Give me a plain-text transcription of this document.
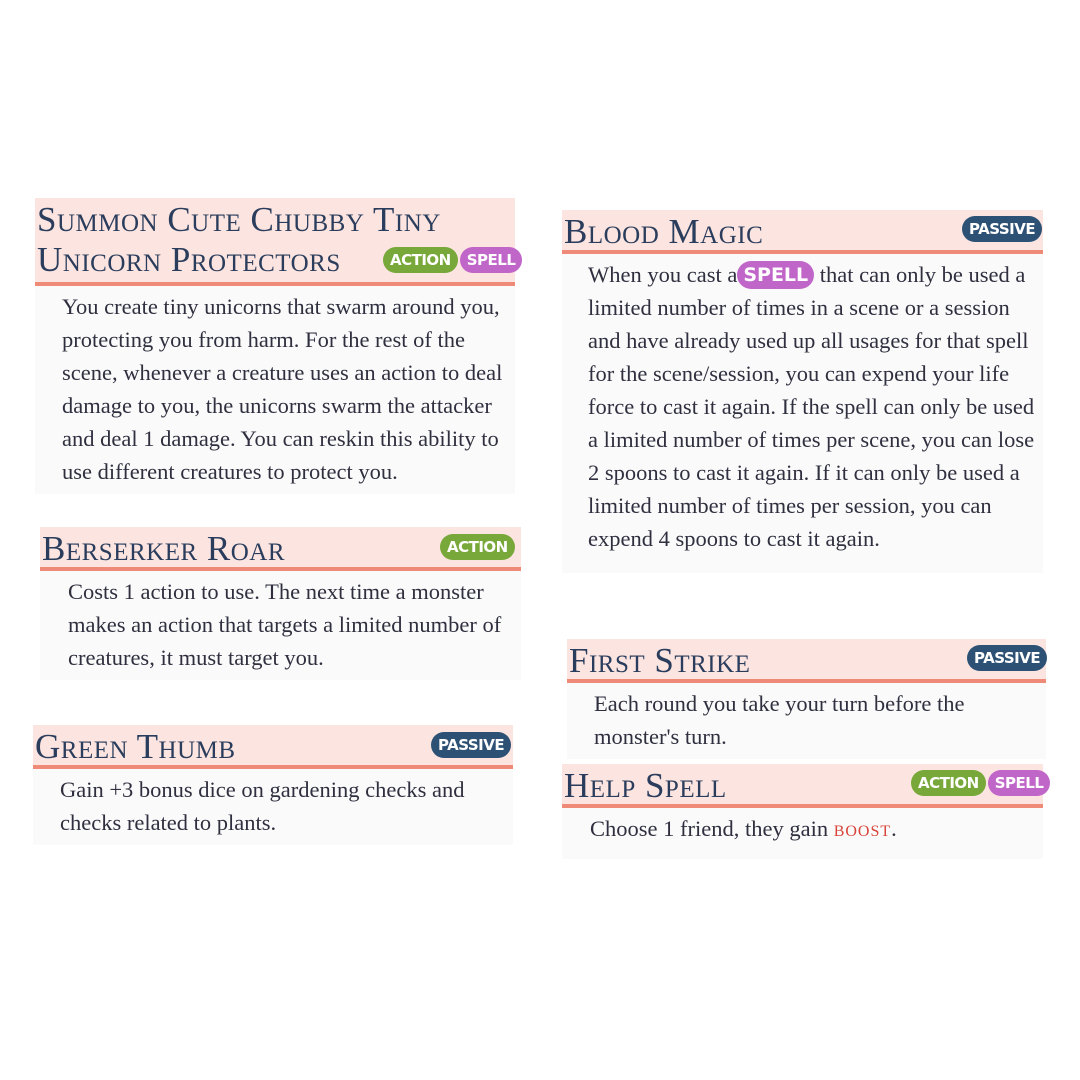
Summon Cute Chubby Tiny
Unicorn Protectors	ACTION	SPELL
You create tiny unicorns that swarm around you, protecting you from harm. For the rest of the scene, whenever a creature uses an action to deal damage to you, the unicorns swarm the attacker and deal 1 damage. You can reskin this ability to use different creatures to protect you.
Berserker Roar	ACTION
Costs 1 action to use. The next time a monster makes an action that targets a limited number of creatures, it must target you.
Green Thumb	PASSIVE
Gain +3 bonus dice on gardening checks and checks related to plants.
Blood Magic	PASSIVE
When you cast a SPELL that can only be used a limited number of times in a scene or a session and have already used up all usages for that spell for the scene/session, you can expend your life force to cast it again. If the spell can only be used a limited number of times per scene, you can lose 2 spoons to cast it again. If it can only be used a limited number of times per session, you can expend 4 spoons to cast it again.
First Strike	PASSIVE
Each round you take your turn before the monster's turn.
Help Spell	ACTION	SPELL
Choose 1 friend, they gain boost.
